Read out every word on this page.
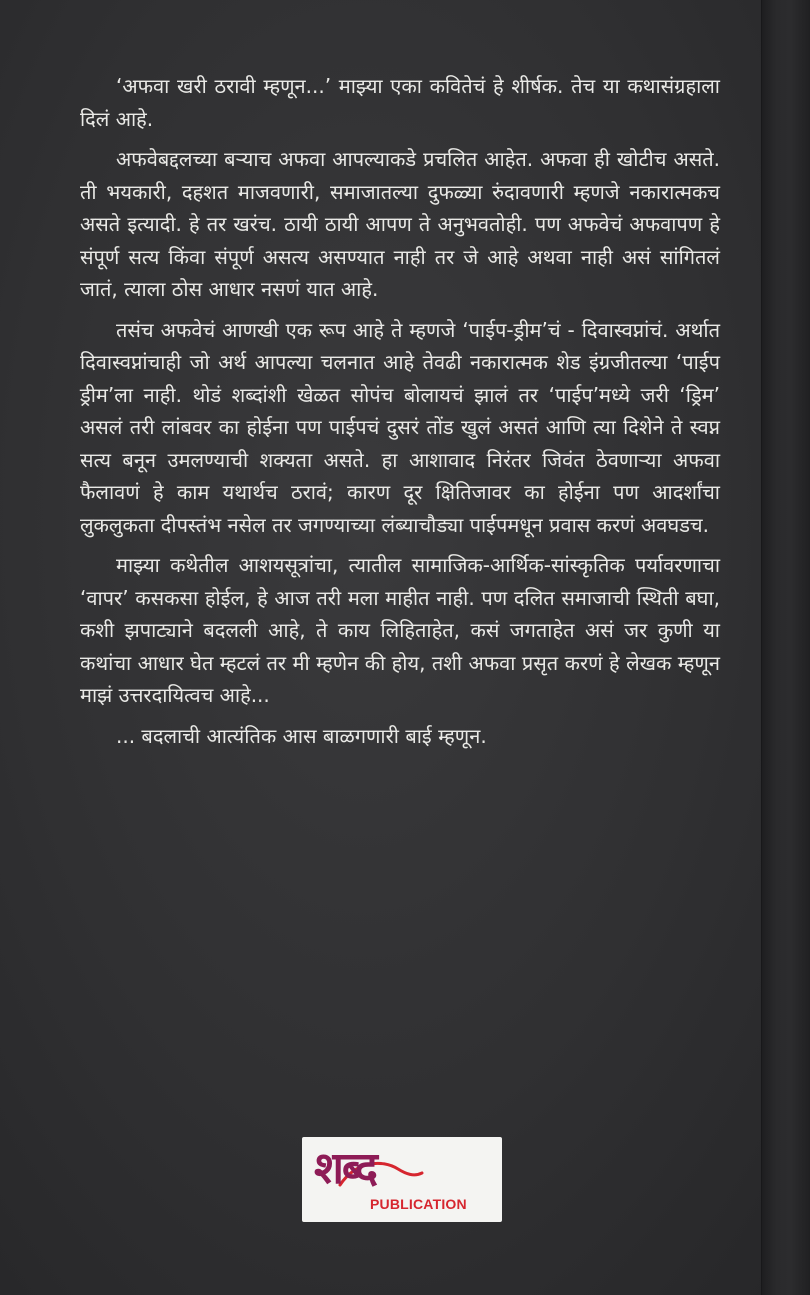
‘अफवा खरी ठरावी म्हणून...’ माझ्या एका कवितेचं हे शीर्षक. तेच या कथासंग्रहाला दिलं आहे.

अफवेबद्दलच्या बऱ्याच अफवा आपल्याकडे प्रचलित आहेत. अफवा ही खोटीच असते. ती भयकारी, दहशत माजवणारी, समाजातल्या दुफळ्या रुंदावणारी म्हणजे नकारात्मकच असते इत्यादी. हे तर खरंच. ठायी ठायी आपण ते अनुभवतोही. पण अफवेचं अफवापण हे संपूर्ण सत्य किंवा संपूर्ण असत्य असण्यात नाही तर जे आहे अथवा नाही असं सांगितलं जातं, त्याला ठोस आधार नसणं यात आहे.

तसंच अफवेचं आणखी एक रूप आहे ते म्हणजे ‘पाईप-ड्रीम’चं - दिवास्वप्नांचं. अर्थात दिवास्वप्नांचाही जो अर्थ आपल्या चलनात आहे तेवढी नकारात्मक शेड इंग्रजीतल्या ‘पाईप ड्रीम’ला नाही. थोडं शब्दांशी खेळत सोपंच बोलायचं झालं तर ‘पाईप’मध्ये जरी ‘ड्रिम’ असलं तरी लांबवर का होईना पण पाईपचं दुसरं तोंड खुलं असतं आणि त्या दिशेने ते स्वप्न सत्य बनून उमलण्याची शक्यता असते. हा आशावाद निरंतर जिवंत ठेवणाऱ्या अफवा फैलावणं हे काम यथार्थच ठरावं; कारण दूर क्षितिजावर का होईना पण आदर्शांचा लुकलुकता दीपस्तंभ नसेल तर जगण्याच्या लंब्याचौड्या पाईपमधून प्रवास करणं अवघडच.

माझ्या कथेतील आशयसूत्रांचा, त्यातील सामाजिक-आर्थिक-सांस्कृतिक पर्यावरणाचा ‘वापर’ कसकसा होईल, हे आज तरी मला माहीत नाही. पण दलित समाजाची स्थिती बघा, कशी झपाट्याने बदलली आहे, ते काय लिहिताहेत, कसं जगताहेत असं जर कुणी या कथांचा आधार घेत म्हटलं तर मी म्हणेन की होय, तशी अफवा प्रसृत करणं हे लेखक म्हणून माझं उत्तरदायित्वच आहे...

... बदलाची आत्यंतिक आस बाळगणारी बाई म्हणून.

शब्द
PUBLICATION
